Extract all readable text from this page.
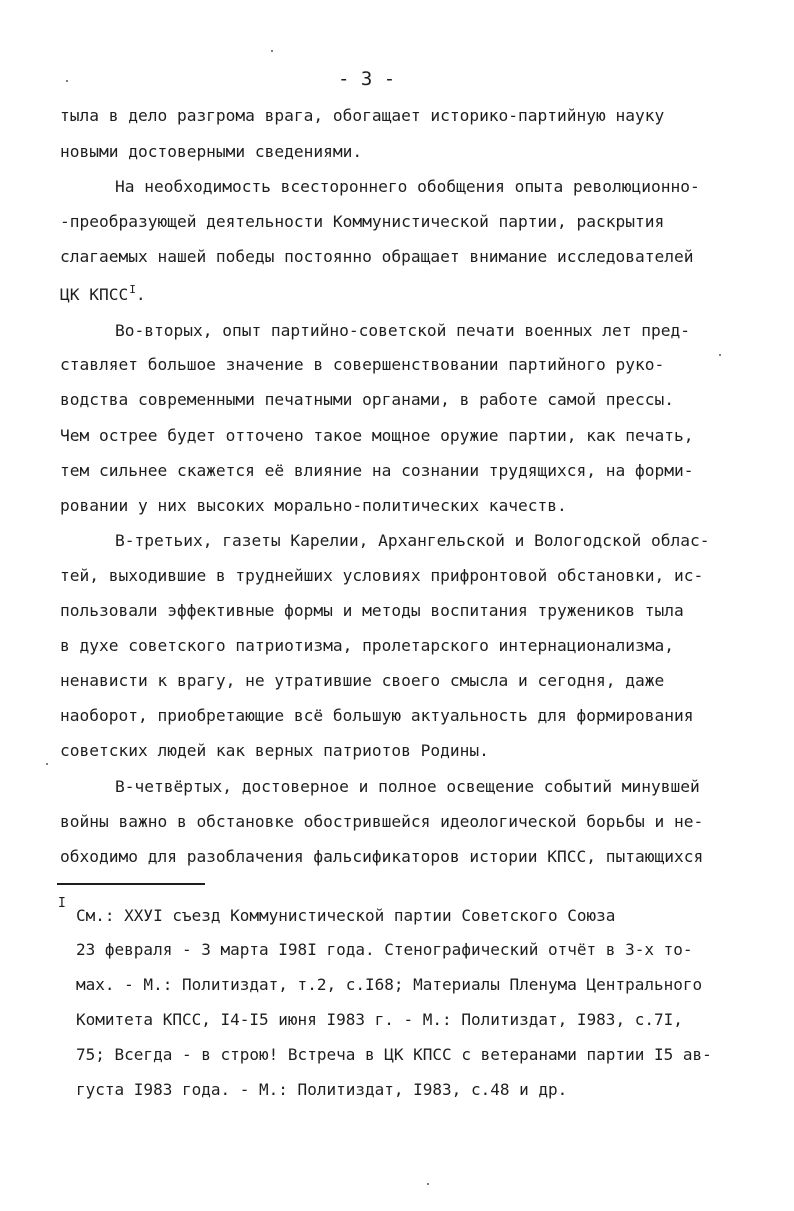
- 3 -
тыла в дело разгрома врага, обогащает историко-партийную науку
новыми достоверными сведениями.
На необходимость всестороннего обобщения опыта революционно-
-преобразующей деятельности Коммунистической партии, раскрытия
слагаемых нашей победы постоянно обращает внимание исследователей
ЦК $КПСС^I$.
Во-вторых, опыт партийно-советской печати военных лет пред-
ставляет большое значение в совершенствовании партийного руко-
водства современными печатными органами, в работе самой прессы.
Чем острее будет отточено такое мощное оружие партии, как печать,
тем сильнее скажется её влияние на сознании трудящихся, на форми-
ровании у них высоких морально-политических качеств.
В-третьих, газеты Карелии, Архангельской и Вологодской облас-
тей, выходившие в труднейших условиях прифронтовой обстановки, ис-
пользовали эффективные формы и методы воспитания тружеников тыла
в духе советского патриотизма, пролетарского интернационализма,
ненависти к врагу, не утратившие своего смысла и сегодня, даже
наоборот, приобретающие всё большую актуальность для формирования
советских людей как верных патриотов Родины.
В-четвёртых, достоверное и полное освещение событий минувшей
войны важно в обстановке обострившейся идеологической борьбы и не-
обходимо для разоблачения фальсификаторов истории КПСС, пытающихся
I
См.: ХХУI съезд Коммунистической партии Советского Союза
23 февраля - 3 марта I98I года. Стенографический отчёт в 3-х то-
мах. - М.: Политиздат, т.2, с.I68; Материалы Пленума Центрального
Комитета КПСС, I4-I5 июня I983 г. - М.: Политиздат, I983, с.7I,
75; Всегда - в строю! Встреча в ЦК КПСС с ветеранами партии I5 ав-
густа I983 года. - М.: Политиздат, I983, с.48 и др.
